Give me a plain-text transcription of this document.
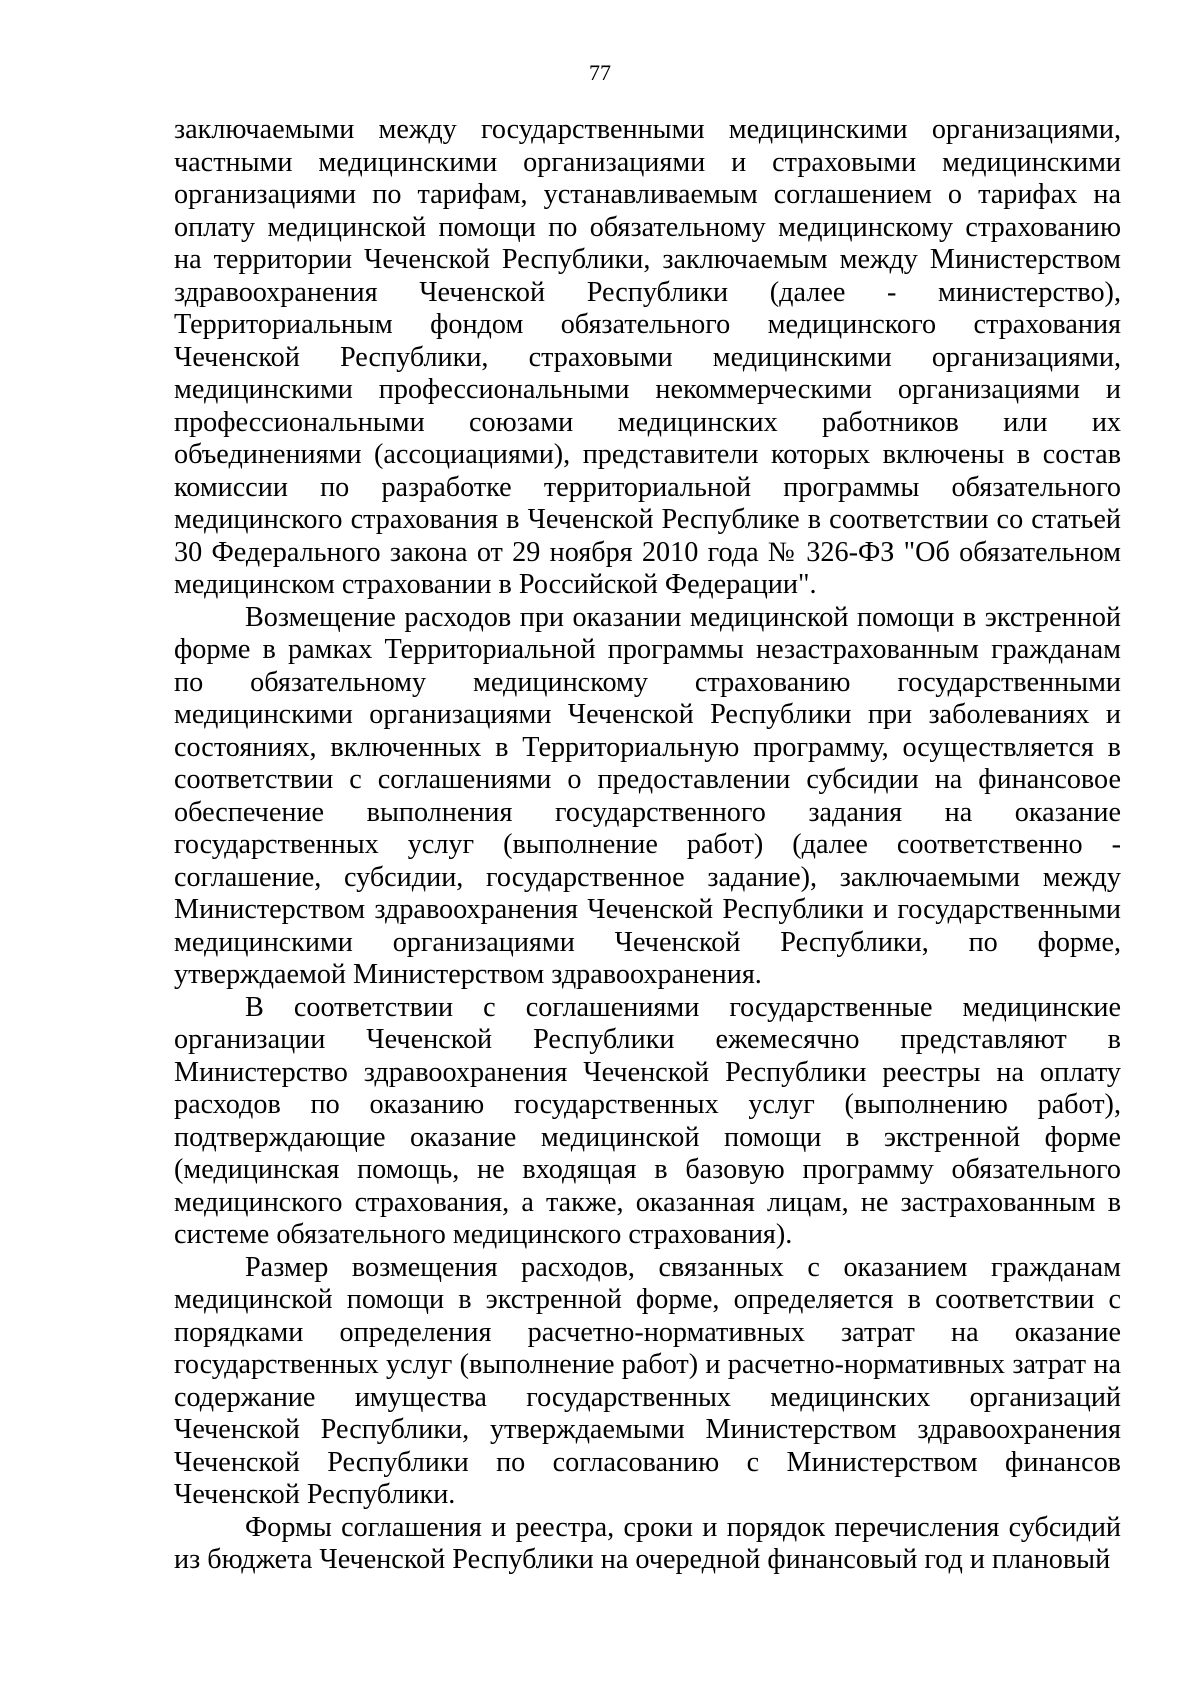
77

заключаемыми между государственными медицинскими организациями, частными медицинскими организациями и страховыми медицинскими организациями по тарифам, устанавливаемым соглашением о тарифах на оплату медицинской помощи по обязательному медицинскому страхованию на территории Чеченской Республики, заключаемым между Министерством здравоохранения Чеченской Республики (далее - министерство), Территориальным фондом обязательного медицинского страхования Чеченской Республики, страховыми медицинскими организациями, медицинскими профессиональными некоммерческими организациями и профессиональными союзами медицинских работников или их объединениями (ассоциациями), представители которых включены в состав комиссии по разработке территориальной программы обязательного медицинского страхования в Чеченской Республике в соответствии со статьей 30 Федерального закона от 29 ноября 2010 года № 326-ФЗ "Об обязательном медицинском страховании в Российской Федерации".

Возмещение расходов при оказании медицинской помощи в экстренной форме в рамках Территориальной программы незастрахованным гражданам по обязательному медицинскому страхованию государственными медицинскими организациями Чеченской Республики при заболеваниях и состояниях, включенных в Территориальную программу, осуществляется в соответствии с соглашениями о предоставлении субсидии на финансовое обеспечение выполнения государственного задания на оказание государственных услуг (выполнение работ) (далее соответственно - соглашение, субсидии, государственное задание), заключаемыми между Министерством здравоохранения Чеченской Республики и государственными медицинскими организациями Чеченской Республики, по форме, утверждаемой Министерством здравоохранения.

В соответствии с соглашениями государственные медицинские организации Чеченской Республики ежемесячно представляют в Министерство здравоохранения Чеченской Республики реестры на оплату расходов по оказанию государственных услуг (выполнению работ), подтверждающие оказание медицинской помощи в экстренной форме (медицинская помощь, не входящая в базовую программу обязательного медицинского страхования, а также, оказанная лицам, не застрахованным в системе обязательного медицинского страхования).

Размер возмещения расходов, связанных с оказанием гражданам медицинской помощи в экстренной форме, определяется в соответствии с порядками определения расчетно-нормативных затрат на оказание государственных услуг (выполнение работ) и расчетно-нормативных затрат на содержание имущества государственных медицинских организаций Чеченской Республики, утверждаемыми Министерством здравоохранения Чеченской Республики по согласованию с Министерством финансов Чеченской Республики.

Формы соглашения и реестра, сроки и порядок перечисления субсидий из бюджета Чеченской Республики на очередной финансовый год и плановый
